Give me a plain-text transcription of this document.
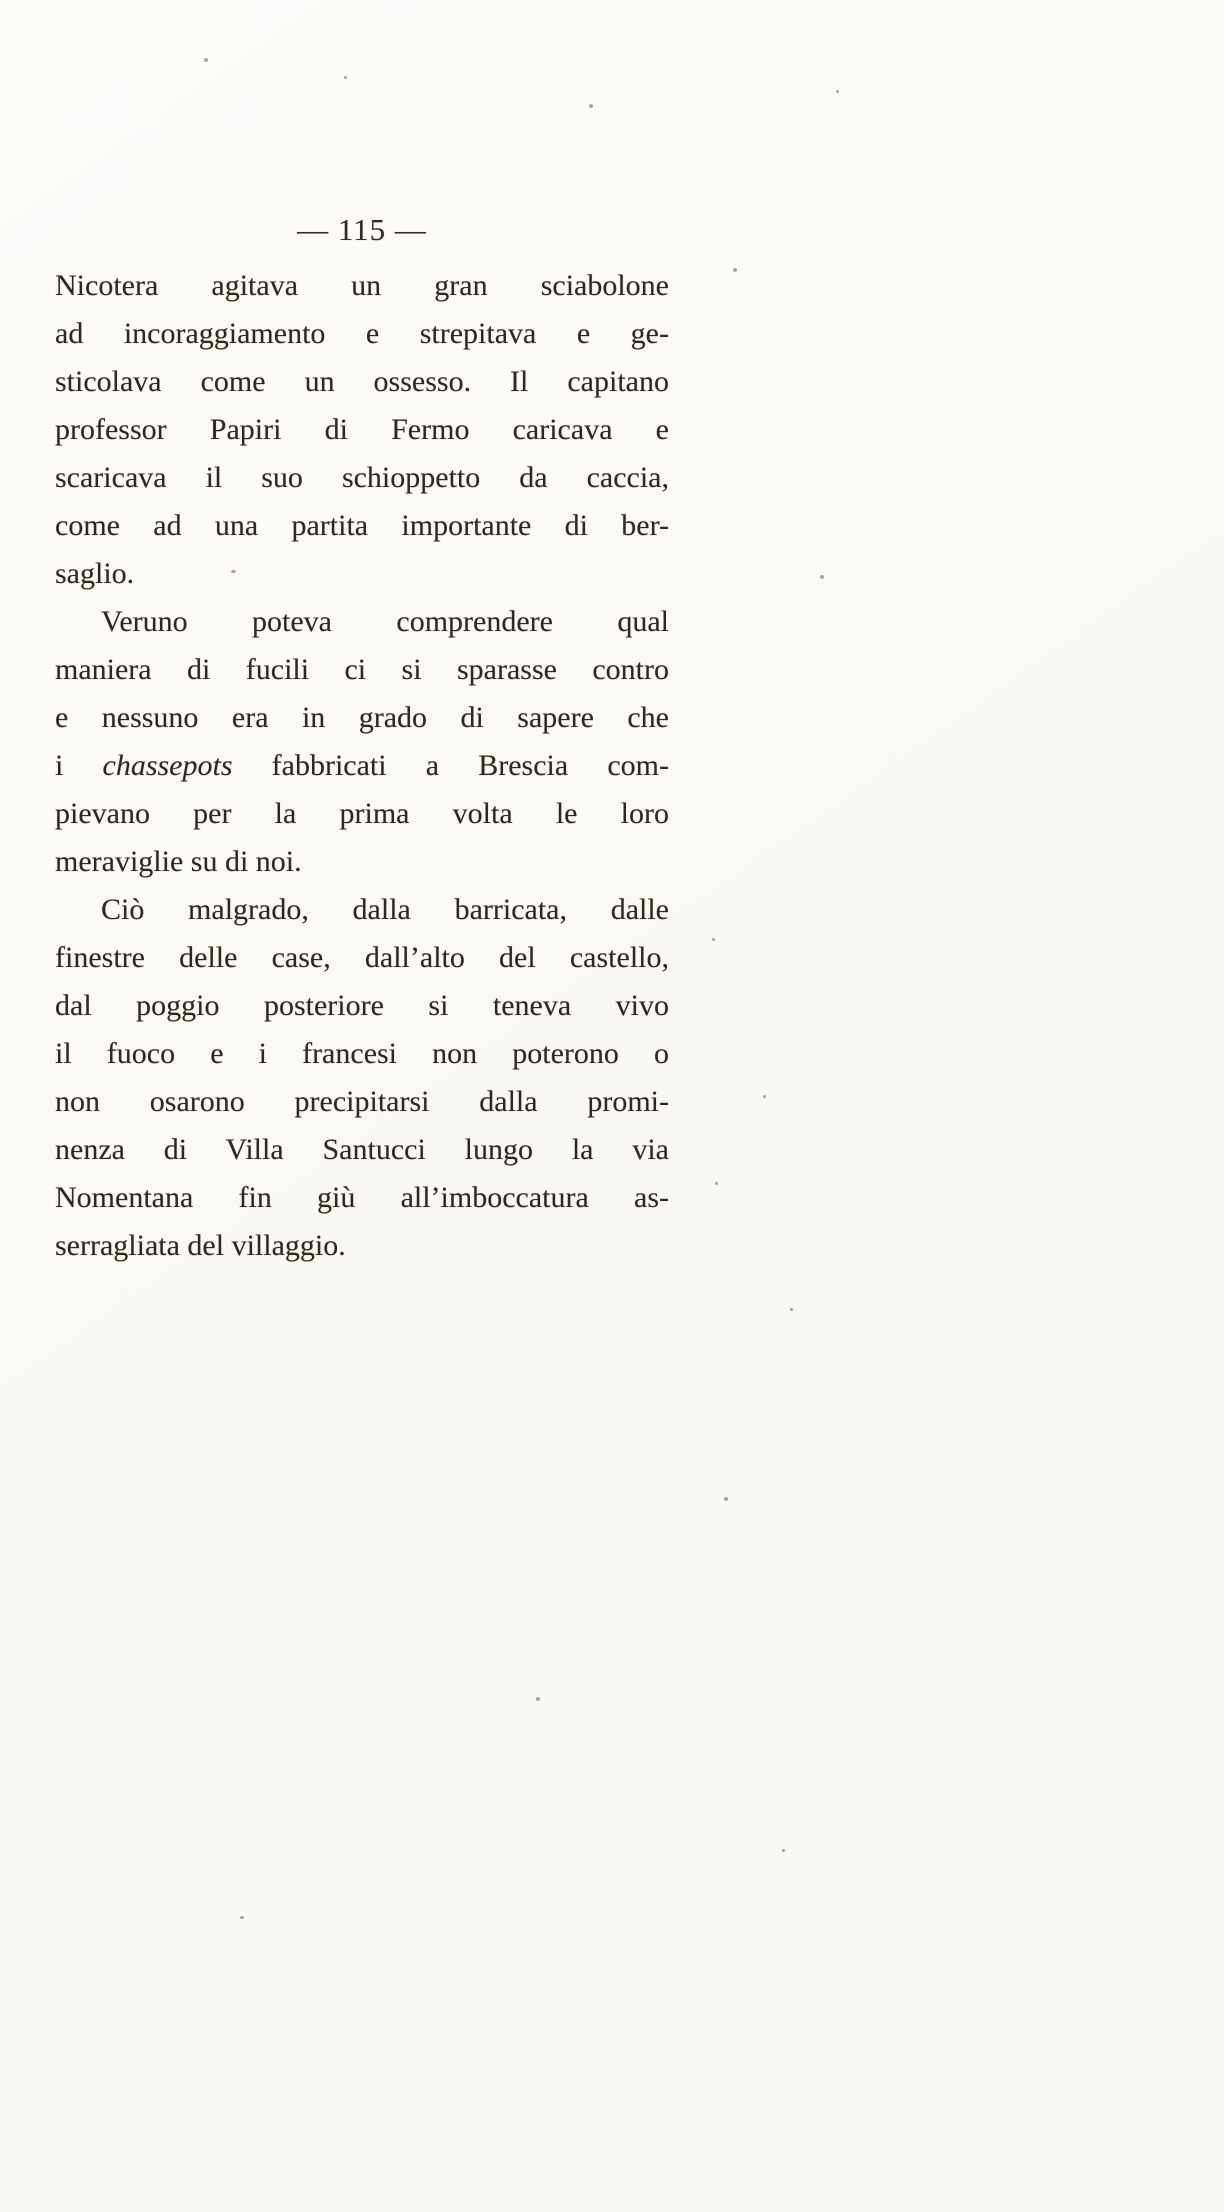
— 115 —
Nicotera agitava un gran sciabolone
ad incoraggiamento e strepitava e ge-
sticolava come un ossesso. Il capitano
professor Papiri di Fermo caricava e
scaricava il suo schioppetto da caccia,
come ad una partita importante di ber-
saglio.
Veruno poteva comprendere qual
maniera di fucili ci si sparasse contro
e nessuno era in grado di sapere che
i chassepots fabbricati a Brescia com-
pievano per la prima volta le loro
meraviglie su di noi.
Ciò malgrado, dalla barricata, dalle
finestre delle case, dall’alto del castello,
dal poggio posteriore si teneva vivo
il fuoco e i francesi non poterono o
non osarono precipitarsi dalla promi-
nenza di Villa Santucci lungo la via
Nomentana fin giù all’imboccatura as-
serragliata del villaggio.
